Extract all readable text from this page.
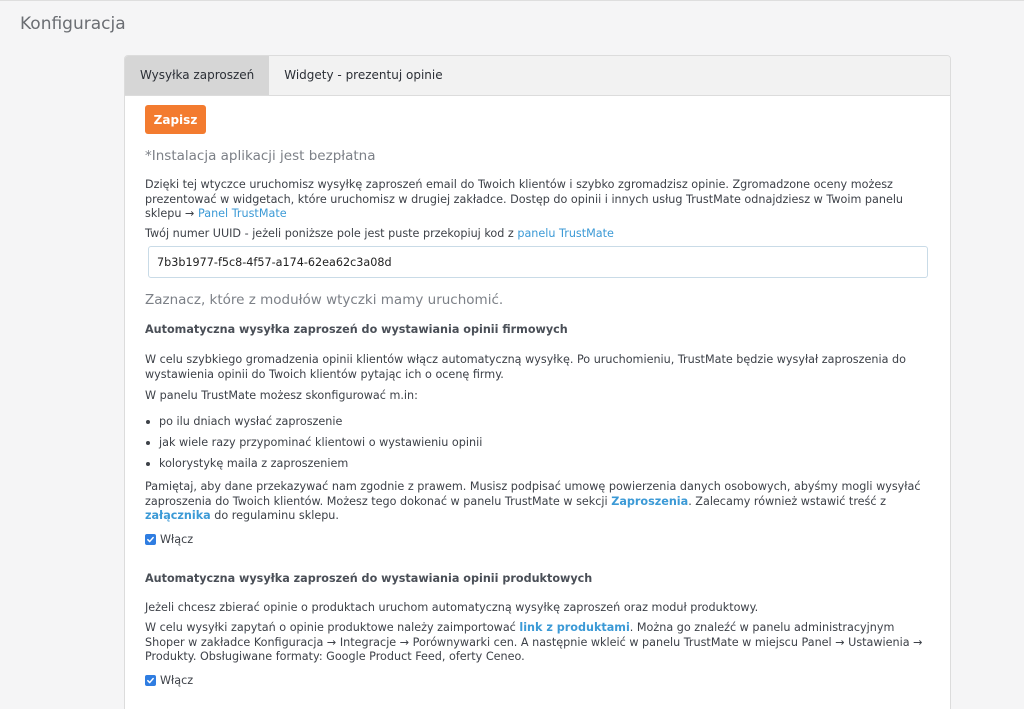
Konfiguracja
Wysyłka zaproszeń	Widgety - prezentuj opinie
Zapisz
*Instalacja aplikacji jest bezpłatna

Dzięki tej wtyczce uruchomisz wysyłkę zaproszeń email do Twoich klientów i szybko zgromadzisz opinie. Zgromadzone oceny możesz prezentować w widgetach, które uruchomisz w drugiej zakładce. Dostęp do opinii i innych usług TrustMate odnajdziesz w Twoim panelu sklepu → Panel TrustMate

Twój numer UUID - jeżeli poniższe pole jest puste przekopiuj kod z panelu TrustMate

7b3b1977-f5c8-4f57-a174-62ea62c3a08d
Zaznacz, które z modułów wtyczki mamy uruchomić.
Automatyczna wysyłka zaproszeń do wystawiania opinii firmowych

W celu szybkiego gromadzenia opinii klientów włącz automatyczną wysyłkę. Po uruchomieniu, TrustMate będzie wysyłał zaproszenia do wystawienia opinii do Twoich klientów pytając ich o ocenę firmy.

W panelu TrustMate możesz skonfigurować m.in:

po ilu dniach wysłać zaproszenie
jak wiele razy przypominać klientowi o wystawieniu opinii
kolorystykę maila z zaproszeniem

Pamiętaj, aby dane przekazywać nam zgodnie z prawem. Musisz podpisać umowę powierzenia danych osobowych, abyśmy mogli wysyłać zaproszenia do Twoich klientów. Możesz tego dokonać w panelu TrustMate w sekcji Zaproszenia. Zalecamy również wstawić treść z załącznika do regulaminu sklepu.

Włącz
Automatyczna wysyłka zaproszeń do wystawiania opinii produktowych

Jeżeli chcesz zbierać opinie o produktach uruchom automatyczną wysyłkę zaproszeń oraz moduł produktowy.

W celu wysyłki zapytań o opinie produktowe należy zaimportować link z produktami. Można go znaleźć w panelu administracyjnym Shoper w zakładce Konfiguracja → Integracje → Porównywarki cen. A następnie wkleić w panelu TrustMate w miejscu Panel → Ustawienia → Produkty. Obsługiwane formaty: Google Product Feed, oferty Ceneo.

Włącz
